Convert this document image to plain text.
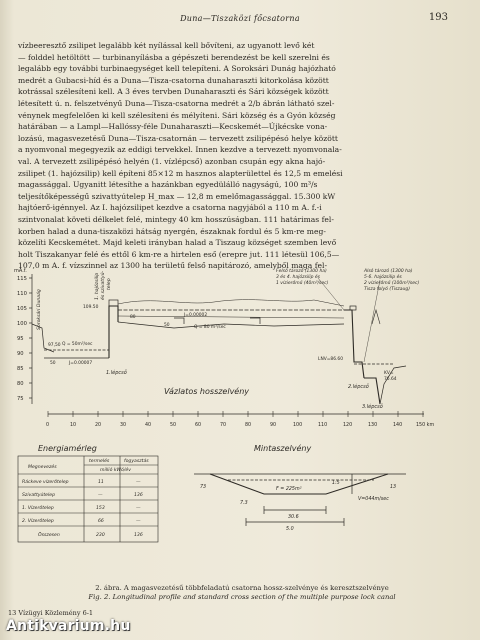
Duna—Tiszaközi főcsatorna	193

vízbeeresztő zsilipet legalább két nyílással kell bővíteni, az ugyanott levő két

— folddel hetöltött — turbinanyílásba a gépészeti berendezést be kell szerelni és

legalább egy további turbinaegységet kell telepíteni. A Soroksári Dunág hajózható

medrét a Gubacsi-híd és a Duna—Tisza-csatorna dunaharaszti kitorkolása között

kotrással szélesíteni kell. A 3 éves tervben Dunaharaszti és Sári községek között

létesített ú. n. felszetvényű Duna—Tisza-csatorna medrét a 2/b ábrán látható szel-

vénynek megfelelően ki kell szélesíteni és mélyíteni. Sári község és a Gyón község

határában — a Lampl—Hallóssy-féle Dunaharaszti—Kecskemét—Újkécske vona-

lozású, magasvezetésű Duna—Tisza-csatornán — tervezett zsilipépésó helye között

a nyomvonal megegyezik az eddigi tervekkel. Innen kezdve a tervezett nyomvonala-

val. A tervezett zsilipépésó helyén (1. vízlépcső) azonban csupán egy akna hajó-

zsilipet (1. hajózsilip) kell építeni 85×12 m hasznos alapterülettel és 12,5 m emelési

magassággal. Ugyanitt létesíthe a hazánkban egyedülálló nagyságú, 100 m³/s

teljesítőképességű szivattyútelep H_max — 12,8 m emelőmagassággal. 15.300 kW

hajtóerő-igénnyel. Az I. hajózsilipet kezdve a csatorna nagyjából a 110 m A. f.-i

szintvonalat követi délkelet felé, mintegy 40 km hosszúságban. 111 határimas fel-

korben halad a duna-tiszaközi hátság nyergén, északnak fordul és 5 km-re meg-

közelíti Kecskemétet. Majd keleti irányban halad a Tiszaug községet szemben levő

holt Tiszakanyar felé és ettől 6 km-re a hirtelen eső (erepre jut. 111 létesül 106,5—

107,0 m A. f. vízszinnel az 1300 ha területű felső napitározó, amelyből maga fel-

mA.f.
115
110
105
100
95
90
85
80
75
Soroksári Dunaág
1. hajózsilip és szivattyú- telep
109.50
97,50
50	J=0.00007
Q = 50m³/sec
J=0.00002
Q = 80 m³/sec
80
50
1.lépcső
Felső tározó (1300 ha)
3 és 4. hajózsilip és
1 vízierőmű (40m³/sec)
Alsó tározó (1300 ha)
5-6. hajózsilip és
2 vízierőmű (100m³/sec)
Tisza folyó (Tiszaug)
LNV=86.60
KV=
76.64
2.lépcső
3.lépcső
Vázlatos hosszelvény
0	10	20	30	40	50	60	70	80	90	100	110	120	130	140	150 km
Energiamérleg
Megnevezés
termelés	fogyasztás
millió kWó/év
Ráckeve vízerőtelep	11	—
Szivattyútelep	—	136
1. Vízerőtelep	153	—
2. Vízerőtelep	66	—
Összesen	230	136
Mintaszelvény
73	F = 225m²
1:5
7.3
30.6
5.0
13
V=044m/sec
2. ábra. A magasvezetésű többfeladatú csatorna hossz-szelvénye és keresztszelvénye
Fig. 2. Longitudinal profile and standard cross section of the multiple purpose lock canal
13 Vízügyi Közlemény 6-1
Antikvarium.hu
